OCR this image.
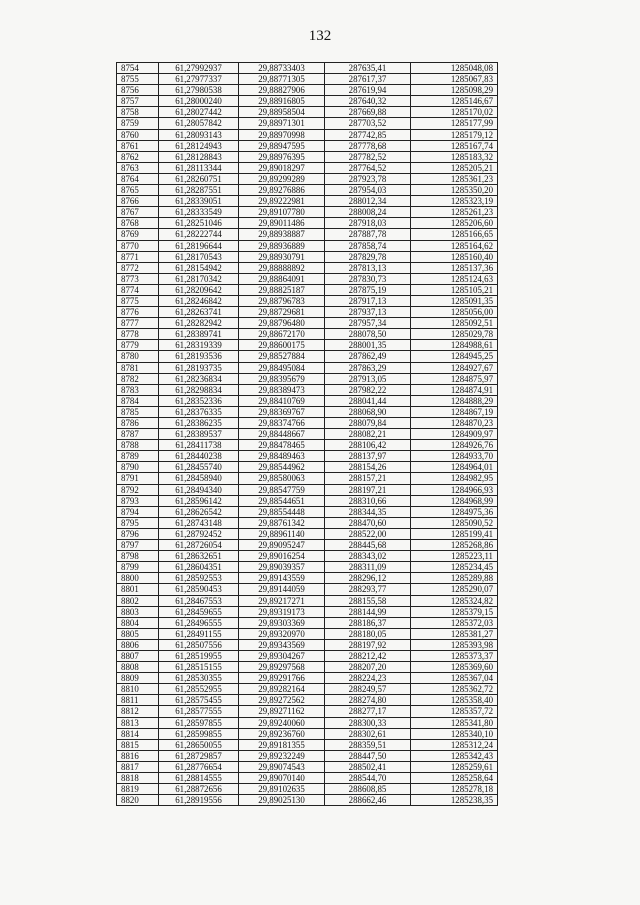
132
8754	61,27992937	29,88733403	287635,41	1285048,08
8755	61,27977337	29,88771305	287617,37	1285067,83
8756	61,27980538	29,88827906	287619,94	1285098,29
8757	61,28000240	29,88916805	287640,32	1285146,67
8758	61,28027442	29,88958504	287669,88	1285170,02
8759	61,28057842	29,88971301	287703,52	1285177,99
8760	61,28093143	29,88970998	287742,85	1285179,12
8761	61,28124943	29,88947595	287778,68	1285167,74
8762	61,28128843	29,88976395	287782,52	1285183,32
8763	61,28113344	29,89018297	287764,52	1285205,21
8764	61,28260751	29,89299289	287923,78	1285361,23
8765	61,28287551	29,89276886	287954,03	1285350,20
8766	61,28339051	29,89222981	288012,34	1285323,19
8767	61,28333549	29,89107780	288008,24	1285261,23
8768	61,28251046	29,89011486	287918,03	1285206,60
8769	61,28222744	29,88938887	287887,78	1285166,65
8770	61,28196644	29,88936889	287858,74	1285164,62
8771	61,28170543	29,88930791	287829,78	1285160,40
8772	61,28154942	29,88888892	287813,13	1285137,36
8773	61,28170342	29,88864091	287830,73	1285124,63
8774	61,28209642	29,88825187	287875,19	1285105,21
8775	61,28246842	29,88796783	287917,13	1285091,35
8776	61,28263741	29,88729681	287937,13	1285056,00
8777	61,28282942	29,88796480	287957,34	1285092,51
8778	61,28389741	29,88672170	288078,50	1285029,78
8779	61,28319339	29,88600175	288001,35	1284988,61
8780	61,28193536	29,88527884	287862,49	1284945,25
8781	61,28193735	29,88495084	287863,29	1284927,67
8782	61,28236834	29,88395679	287913,05	1284875,97
8783	61,28298834	29,88389473	287982,22	1284874,91
8784	61,28352336	29,88410769	288041,44	1284888,29
8785	61,28376335	29,88369767	288068,90	1284867,19
8786	61,28386235	29,88374766	288079,84	1284870,23
8787	61,28389537	29,88448667	288082,21	1284909,97
8788	61,28411738	29,88478465	288106,42	1284926,76
8789	61,28440238	29,88489463	288137,97	1284933,70
8790	61,28455740	29,88544962	288154,26	1284964,01
8791	61,28458940	29,88580063	288157,21	1284982,95
8792	61,28494340	29,88547759	288197,21	1284966,93
8793	61,28596142	29,88544651	288310,66	1284968,99
8794	61,28626542	29,88554448	288344,35	1284975,36
8795	61,28743148	29,88761342	288470,60	1285090,52
8796	61,28792452	29,88961140	288522,00	1285199,41
8797	61,28726054	29,89095247	288445,68	1285268,86
8798	61,28632651	29,89016254	288343,02	1285223,11
8799	61,28604351	29,89039357	288311,09	1285234,45
8800	61,28592553	29,89143559	288296,12	1285289,88
8801	61,28590453	29,89144059	288293,77	1285290,07
8802	61,28467553	29,89217271	288155,58	1285324,82
8803	61,28459655	29,89319173	288144,99	1285379,15
8804	61,28496555	29,89303369	288186,37	1285372,03
8805	61,28491155	29,89320970	288180,05	1285381,27
8806	61,28507556	29,89343569	288197,92	1285393,98
8807	61,28519955	29,89304267	288212,42	1285373,37
8808	61,28515155	29,89297568	288207,20	1285369,60
8809	61,28530355	29,89291766	288224,23	1285367,04
8810	61,28552955	29,89282164	288249,57	1285362,72
8811	61,28575455	29,89272562	288274,80	1285358,40
8812	61,28577555	29,89271162	288277,17	1285357,72
8813	61,28597855	29,89240060	288300,33	1285341,80
8814	61,28599855	29,89236760	288302,61	1285340,10
8815	61,28650055	29,89181355	288359,51	1285312,24
8816	61,28729857	29,89232249	288447,50	1285342,43
8817	61,28776654	29,89074543	288502,41	1285259,61
8818	61,28814555	29,89070140	288544,70	1285258,64
8819	61,28872656	29,89102635	288608,85	1285278,18
8820	61,28919556	29,89025130	288662,46	1285238,35
